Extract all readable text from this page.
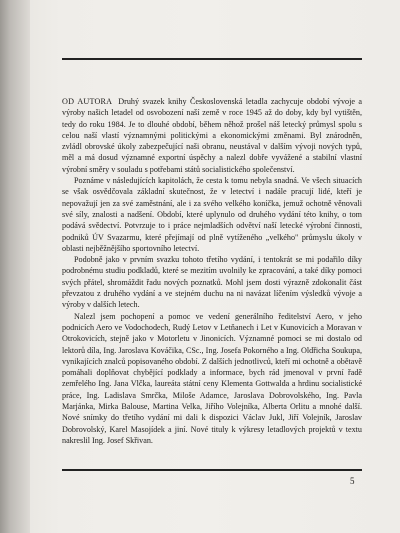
OD AUTORA Druhý svazek knihy Československá letadla zachycuje období vývoje a výroby našich letadel od osvobození naší země v roce 1945 až do doby, kdy byl vytištěn, tedy do roku 1984. Je to dlouhé období, během něhož prošel náš letecký průmysl spolu s celou naší vlastí významnými politickými a ekonomickými změnami. Byl znárodněn, zvládl obrovské úkoly zabezpečující naši obranu, neustával v dalším vývoji nových typů, měl a má dosud významné exportní úspěchy a nalezl dobře vyvážené a stabilní vlastní výrobní směry v souladu s potřebami států socialistického společenství.

Poznáme v následujících kapitolách, že cesta k tomu nebyla snadná. Ve všech situacích se však osvědčovala základní skutečnost, že v letectví i nadále pracují lidé, kteří je nepovažují jen za své zaměstnání, ale i za svého velkého koníčka, jemuž ochotně věnovali své síly, znalosti a nadšení. Období, které uplynulo od druhého vydání této knihy, o tom podává svědectví. Potvrzuje to i práce nejmladších odvětví naší letecké výrobní činnosti, podniků ÚV Svazarmu, které přejímají od plně vytíženého „velkého" průmyslu úkoly v oblasti nejběžnějšího sportovního letectví.

Podobně jako v prvním svazku tohoto třetího vydání, i tentokrát se mi podařilo díky podrobnému studiu podkladů, které se mezitím uvolnily ke zpracování, a také díky pomoci svých přátel, shromáždit řadu nových poznatků. Mohl jsem dosti výrazně zdokonalit část převzatou z druhého vydání a ve stejném duchu na ni navázat líčením výsledků vývoje a výroby v dalších letech.

Nalezl jsem pochopení a pomoc ve vedení generálního ředitelství Aero, v jeho podnicích Aero ve Vodochodech, Rudý Letov v Letňanech i Let v Kunovicích a Moravan v Otrokovicích, stejně jako v Motorletu v Jinonicích. Významné pomoci se mi dostalo od lektorů díla, Ing. Jaroslava Kováčika, CSc., Ing. Josefa Pokorného a Ing. Oldřicha Soukupa, vynikajících znalců popisovaného období. Z dalších jednotlivců, kteří mi ochotně a obětavě pomáhali doplňovat chybějící podklady a informace, bych rád jmenoval v první řadě zemřelého Ing. Jana Vlčka, laureáta státní ceny Klementa Gottwalda a hrdinu socialistické práce, Ing. Ladislava Smrčka, Miloše Adamce, Jaroslava Dobrovolského, Ing. Pavla Marjánka, Mirka Balouse, Martina Velka, Jiřího Volejníka, Alberta Orlitu a mnohé další. Nové snímky do třetího vydání mi dali k dispozici Václav Jukl, Jiří Volejník, Jaroslav Dobrovolský, Karel Masojídek a jiní. Nové tituly k výkresy letadlových projektů v textu nakreslil Ing. Josef Skřivan.

5
